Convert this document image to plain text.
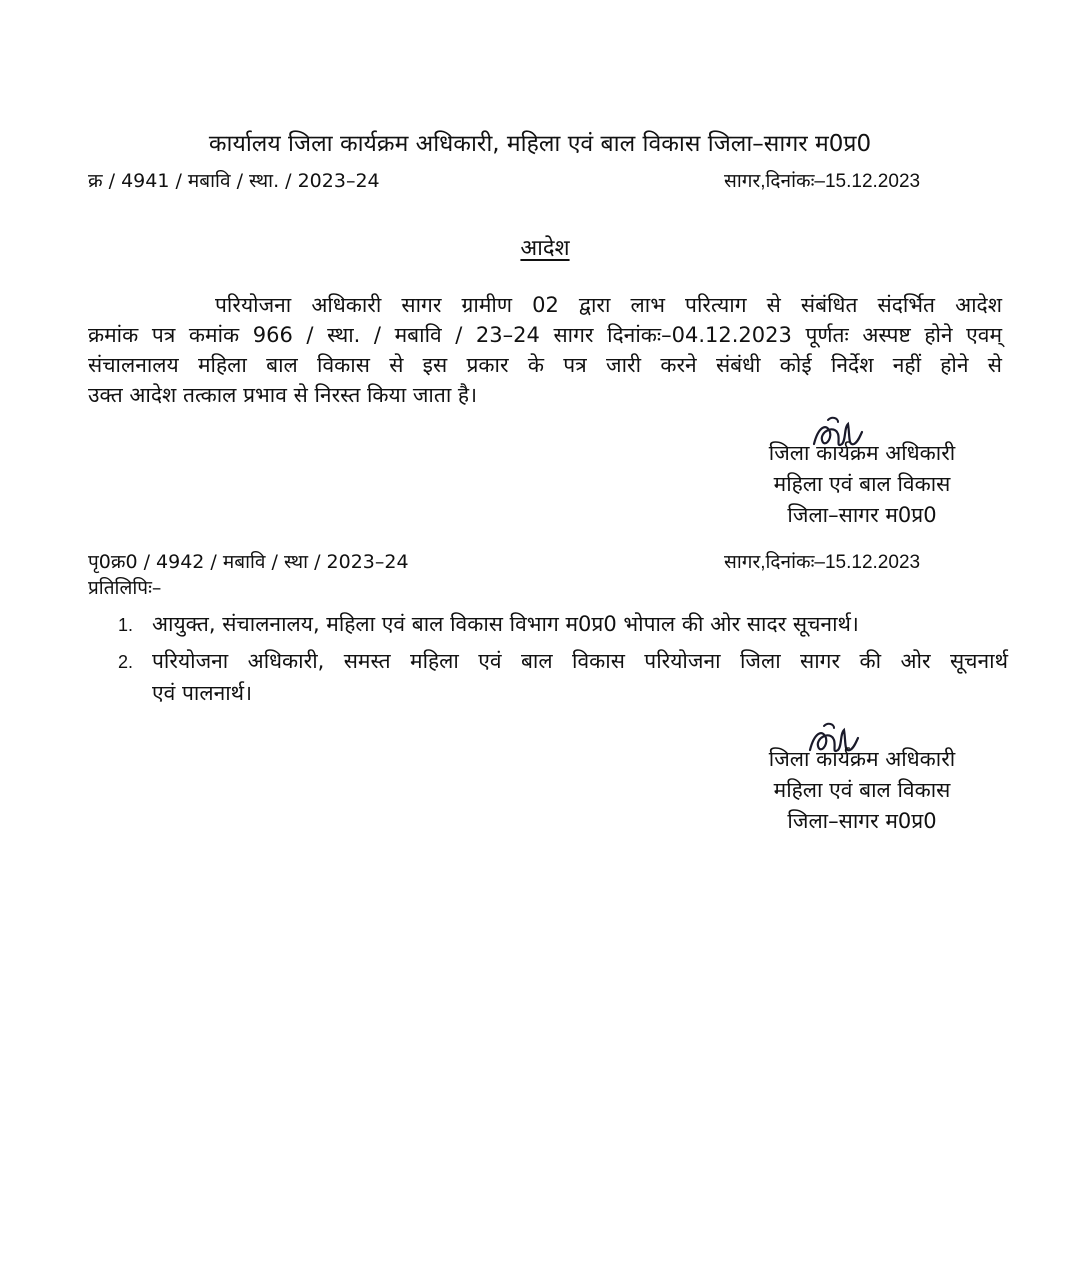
कार्यालय जिला कार्यक्रम अधिकारी, महिला एवं बाल विकास जिला–सागर म0प्र0
क्र / 4941 / मबावि / स्था. / 2023–24	सागर,दिनांकः–15.12.2023
आदेश
परियोजना अधिकारी सागर ग्रामीण 02 द्वारा लाभ परित्याग से संबंधित संदर्भित आदेश
क्रमांक पत्र कमांक 966 / स्था. / मबावि / 23–24 सागर दिनांकः–04.12.2023 पूर्णतः अस्पष्ट होने एवम्
संचालनालय महिला बाल विकास से इस प्रकार के पत्र जारी करने संबंधी कोई निर्देश नहीं होने से
उक्त आदेश तत्काल प्रभाव से निरस्त किया जाता है।
जिला कार्यक्रम अधिकारी
महिला एवं बाल विकास
जिला–सागर म0प्र0
पृ0क्र0 / 4942 / मबावि / स्था / 2023–24	सागर,दिनांकः–15.12.2023
प्रतिलिपिः–
1. आयुक्त, संचालनालय, महिला एवं बाल विकास विभाग म0प्र0 भोपाल की ओर सादर सूचनार्थ।
2. परियोजना अधिकारी, समस्त महिला एवं बाल विकास परियोजना जिला सागर की ओर सूचनार्थ
एवं पालनार्थ।
जिला कार्यक्रम अधिकारी
महिला एवं बाल विकास
जिला–सागर म0प्र0
